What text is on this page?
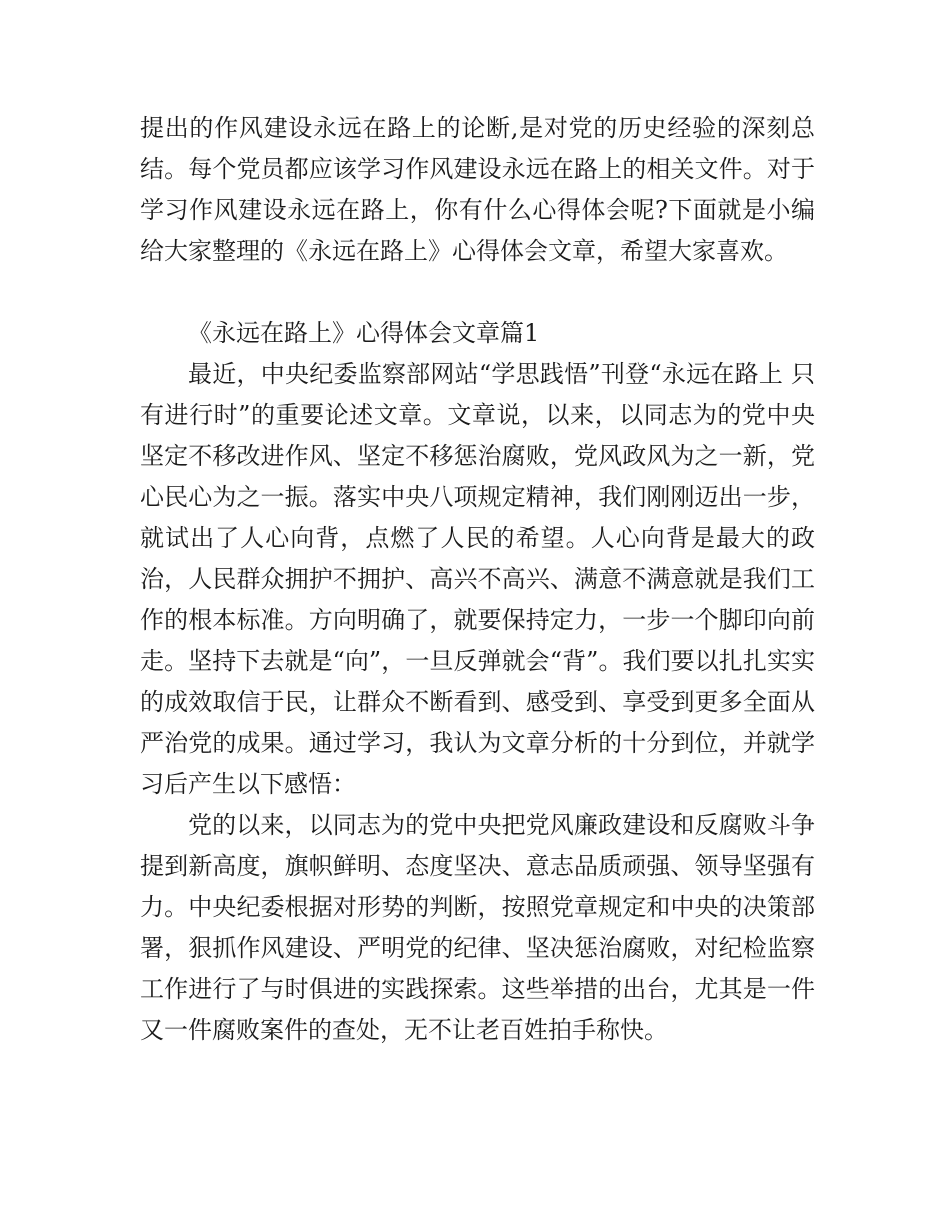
提出的作风建设永远在路上的论断,是对党的历史经验的深刻总结。每个党员都应该学习作风建设永远在路上的相关文件。对于学习作风建设永远在路上，你有什么心得体会呢?下面就是小编给大家整理的《永远在路上》心得体会文章，希望大家喜欢。

《永远在路上》心得体会文章篇1

最近，中央纪委监察部网站“学思践悟”刊登“永远在路上 只有进行时”的重要论述文章。文章说，以来，以同志为的党中央坚定不移改进作风、坚定不移惩治腐败，党风政风为之一新，党心民心为之一振。落实中央八项规定精神，我们刚刚迈出一步，就试出了人心向背，点燃了人民的希望。人心向背是最大的政治，人民群众拥护不拥护、高兴不高兴、满意不满意就是我们工作的根本标准。方向明确了，就要保持定力，一步一个脚印向前走。坚持下去就是“向”，一旦反弹就会“背”。我们要以扎扎实实的成效取信于民，让群众不断看到、感受到、享受到更多全面从严治党的成果。通过学习，我认为文章分析的十分到位，并就学习后产生以下感悟：

党的以来，以同志为的党中央把党风廉政建设和反腐败斗争提到新高度，旗帜鲜明、态度坚决、意志品质顽强、领导坚强有力。中央纪委根据对形势的判断，按照党章规定和中央的决策部署，狠抓作风建设、严明党的纪律、坚决惩治腐败，对纪检监察工作进行了与时俱进的实践探索。这些举措的出台，尤其是一件又一件腐败案件的查处，无不让老百姓拍手称快。
